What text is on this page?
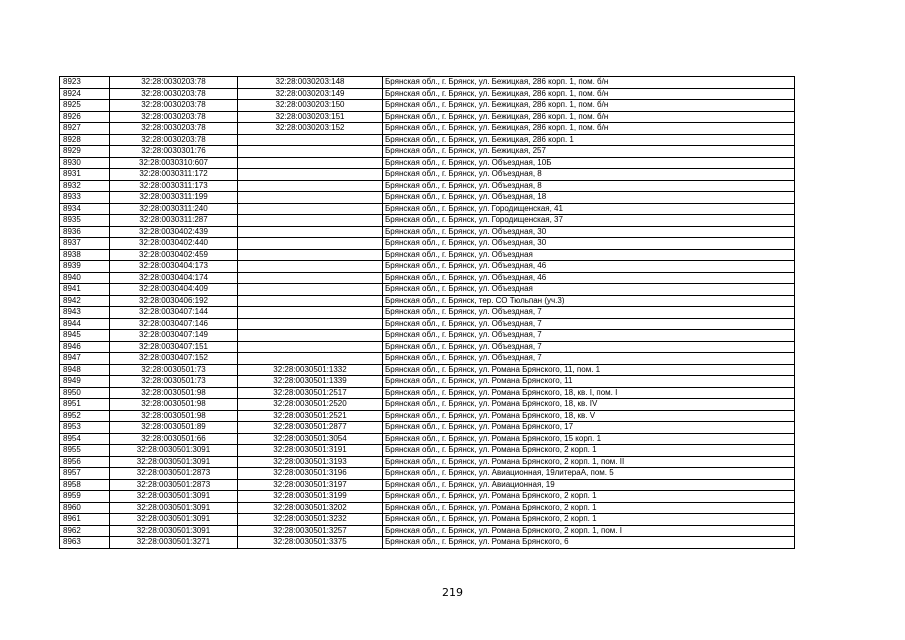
8923	32:28:0030203:78	32:28:0030203:148	Брянская обл., г. Брянск, ул. Бежицкая, 286 корп. 1, пом. б/н
8924	32:28:0030203:78	32:28:0030203:149	Брянская обл., г. Брянск, ул. Бежицкая, 286 корп. 1, пом. б/н
8925	32:28:0030203:78	32:28:0030203:150	Брянская обл., г. Брянск, ул. Бежицкая, 286 корп. 1, пом. б/н
8926	32:28:0030203:78	32:28:0030203:151	Брянская обл., г. Брянск, ул. Бежицкая, 286 корп. 1, пом. б/н
8927	32:28:0030203:78	32:28:0030203:152	Брянская обл., г. Брянск, ул. Бежицкая, 286 корп. 1, пом. б/н
8928	32:28:0030203:78		Брянская обл., г. Брянск, ул. Бежицкая, 286 корп. 1
8929	32:28:0030301:76		Брянская обл., г. Брянск, ул. Бежицкая, 257
8930	32:28:0030310:607		Брянская обл., г. Брянск, ул. Объездная, 10Б
8931	32:28:0030311:172		Брянская обл., г. Брянск, ул. Объездная, 8
8932	32:28:0030311:173		Брянская обл., г. Брянск, ул. Объездная, 8
8933	32:28:0030311:199		Брянская обл., г. Брянск, ул. Объездная, 18
8934	32:28:0030311:240		Брянская обл., г. Брянск, ул. Городищенская, 41
8935	32:28:0030311:287		Брянская обл., г. Брянск, ул. Городищенская, 37
8936	32:28:0030402:439		Брянская обл., г. Брянск, ул. Объездная, 30
8937	32:28:0030402:440		Брянская обл., г. Брянск, ул. Объездная, 30
8938	32:28:0030402:459		Брянская обл., г. Брянск, ул. Объездная
8939	32:28:0030404:173		Брянская обл., г. Брянск, ул. Объездная, 46
8940	32:28:0030404:174		Брянская обл., г. Брянск, ул. Объездная, 46
8941	32:28:0030404:409		Брянская обл., г. Брянск, ул. Объездная
8942	32:28:0030406:192		Брянская обл., г. Брянск, тер. СО Тюльпан (уч.3)
8943	32:28:0030407:144		Брянская обл., г. Брянск, ул. Объездная, 7
8944	32:28:0030407:146		Брянская обл., г. Брянск, ул. Объездная, 7
8945	32:28:0030407:149		Брянская обл., г. Брянск, ул. Объездная, 7
8946	32:28:0030407:151		Брянская обл., г. Брянск, ул. Объездная, 7
8947	32:28:0030407:152		Брянская обл., г. Брянск, ул. Объездная, 7
8948	32:28:0030501:73	32:28:0030501:1332	Брянская обл., г. Брянск, ул. Романа Брянского, 11, пом. 1
8949	32:28:0030501:73	32:28:0030501:1339	Брянская обл., г. Брянск, ул. Романа Брянского, 11
8950	32:28:0030501:98	32:28:0030501:2517	Брянская обл., г. Брянск, ул. Романа Брянского, 18, кв. I, пом. I
8951	32:28:0030501:98	32:28:0030501:2520	Брянская обл., г. Брянск, ул. Романа Брянского, 18, кв. IV
8952	32:28:0030501:98	32:28:0030501:2521	Брянская обл., г. Брянск, ул. Романа Брянского, 18, кв. V
8953	32:28:0030501:89	32:28:0030501:2877	Брянская обл., г. Брянск, ул. Романа Брянского, 17
8954	32:28:0030501:66	32:28:0030501:3054	Брянская обл., г. Брянск, ул. Романа Брянского, 15 корп. 1
8955	32:28:0030501:3091	32:28:0030501:3191	Брянская обл., г. Брянск, ул. Романа Брянского, 2 корп. 1
8956	32:28:0030501:3091	32:28:0030501:3193	Брянская обл., г. Брянск, ул. Романа Брянского, 2 корп. 1, пом. II
8957	32:28:0030501:2873	32:28:0030501:3196	Брянская обл., г. Брянск, ул. Авиационная, 19литераА, пом. 5
8958	32:28:0030501:2873	32:28:0030501:3197	Брянская обл., г. Брянск, ул. Авиационная, 19
8959	32:28:0030501:3091	32:28:0030501:3199	Брянская обл., г. Брянск, ул. Романа Брянского, 2 корп. 1
8960	32:28:0030501:3091	32:28:0030501:3202	Брянская обл., г. Брянск, ул. Романа Брянского, 2 корп. 1
8961	32:28:0030501:3091	32:28:0030501:3232	Брянская обл., г. Брянск, ул. Романа Брянского, 2 корп. 1
8962	32:28:0030501:3091	32:28:0030501:3257	Брянская обл., г. Брянск, ул. Романа Брянского, 2 корп. 1, пом. I
8963	32:28:0030501:3271	32:28:0030501:3375	Брянская обл., г. Брянск, ул. Романа Брянского, 6
219
